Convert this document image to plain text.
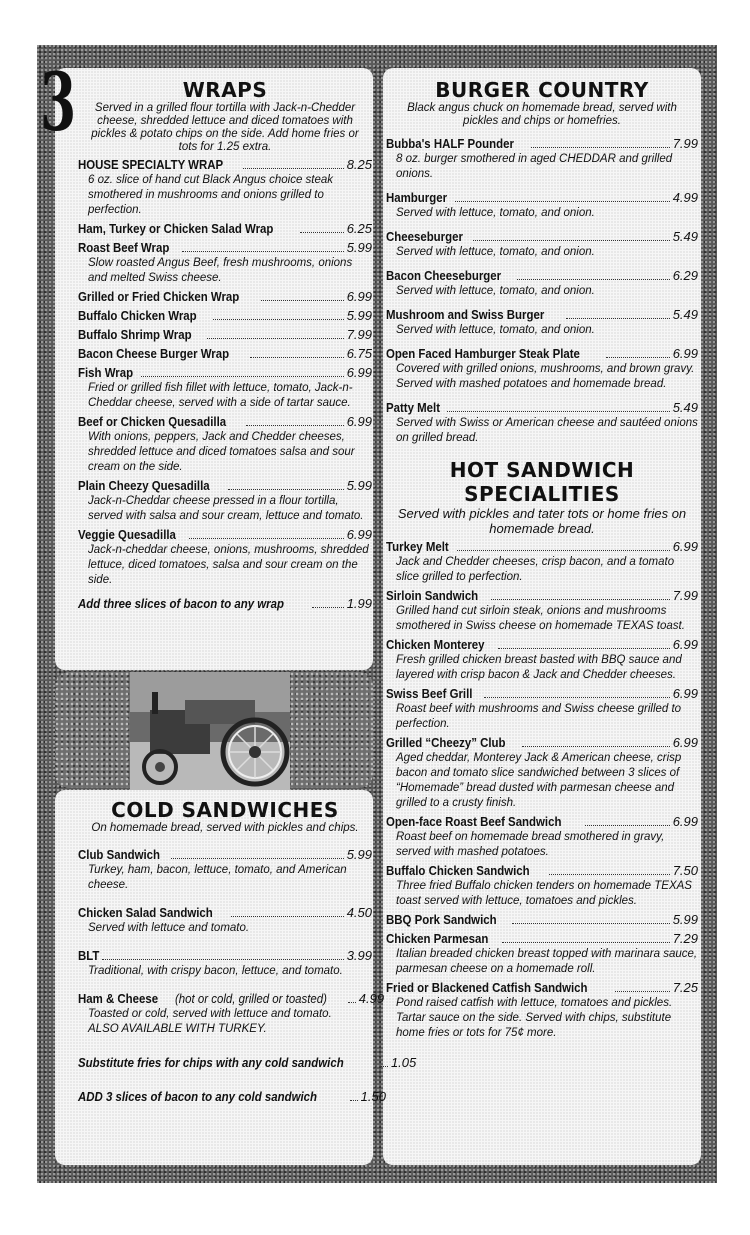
3	WRAPS

Served in a grilled flour tortilla with Jack-n-Chedder cheese, shredded lettuce and diced tomatoes with pickles & potato chips on the side. Add home fries or tots for 1.25 extra.

HOUSE SPECIALTY WRAP	8.25
6 oz. slice of hand cut Black Angus choice steak smothered in mushrooms and onions grilled to perfection.
Ham, Turkey or Chicken Salad Wrap	6.25
Roast Beef Wrap	5.99
Slow roasted Angus Beef, fresh mushrooms, onions and melted Swiss cheese.
Grilled or Fried Chicken Wrap	6.99
Buffalo Chicken Wrap	5.99
Buffalo Shrimp Wrap	7.99
Bacon Cheese Burger Wrap	6.75
Fish Wrap	6.99
Fried or grilled fish fillet with lettuce, tomato, Jack-n-Cheddar cheese, served with a side of tartar sauce.
Beef or Chicken Quesadilla	6.99
With onions, peppers, Jack and Chedder cheeses, shredded lettuce and diced tomatoes salsa and sour cream on the side.
Plain Cheezy Quesadilla	5.99
Jack-n-Cheddar cheese pressed in a flour tortilla, served with salsa and sour cream, lettuce and tomato.
Veggie Quesadilla	6.99
Jack-n-cheddar cheese, onions, mushrooms, shredded lettuce, diced tomatoes, salsa and sour cream on the side.
Add three slices of bacon to any wrap	1.99
COLD SANDWICHES

On homemade bread, served with pickles and chips.

Club Sandwich	5.99
Turkey, ham, bacon, lettuce, tomato, and American cheese.
Chicken Salad Sandwich	4.50
Served with lettuce and tomato.
BLT	3.99
Traditional, with crispy bacon, lettuce, and tomato.
Ham & Cheese (hot or cold, grilled or toasted) 4.99
Toasted or cold, served with lettuce and tomato.
ALSO AVAILABLE WITH TURKEY.
Substitute fries for chips with any cold sandwich	1.05
ADD 3 slices of bacon to any cold sandwich	1.50
BURGER COUNTRY

Black angus chuck on homemade bread, served with pickles and chips or homefries.

Bubba's HALF Pounder	7.99
8 oz. burger smothered in aged CHEDDAR and grilled onions.
Hamburger	4.99
Served with lettuce, tomato, and onion.
Cheeseburger	5.49
Served with lettuce, tomato, and onion.
Bacon Cheeseburger	6.29
Served with lettuce, tomato, and onion.
Mushroom and Swiss Burger	5.49
Served with lettuce, tomato, and onion.
Open Faced Hamburger Steak Plate	6.99
Covered with grilled onions, mushrooms, and brown gravy. Served with mashed potatoes and homemade bread.
Patty Melt	5.49
Served with Swiss or American cheese and sautéed onions on grilled bread.
HOT SANDWICH SPECIALITIES

Served with pickles and tater tots or home fries on homemade bread.

Turkey Melt	6.99
Jack and Chedder cheeses, crisp bacon, and a tomato slice grilled to perfection.
Sirloin Sandwich	7.99
Grilled hand cut sirloin steak, onions and mushrooms smothered in Swiss cheese on homemade TEXAS toast.
Chicken Monterey	6.99
Fresh grilled chicken breast basted with BBQ sauce and layered with crisp bacon & Jack and Chedder cheeses.
Swiss Beef Grill	6.99
Roast beef with mushrooms and Swiss cheese grilled to perfection.
Grilled “Cheezy” Club	6.99
Aged cheddar, Monterey Jack & American cheese, crisp bacon and tomato slice sandwiched between 3 slices of “Homemade” bread dusted with parmesan cheese and grilled to a crusty finish.
Open-face Roast Beef Sandwich	6.99
Roast beef on homemade bread smothered in gravy, served with mashed potatoes.
Buffalo Chicken Sandwich	7.50
Three fried Buffalo chicken tenders on homemade TEXAS toast served with lettuce, tomatoes and pickles.
BBQ Pork Sandwich	5.99
Chicken Parmesan	7.29
Italian breaded chicken breast topped with marinara sauce, parmesan cheese on a homemade roll.
Fried or Blackened Catfish Sandwich	7.25
Pond raised catfish with lettuce, tomatoes and pickles. Tartar sauce on the side. Served with chips, substitute home fries or tots for 75¢ more.
